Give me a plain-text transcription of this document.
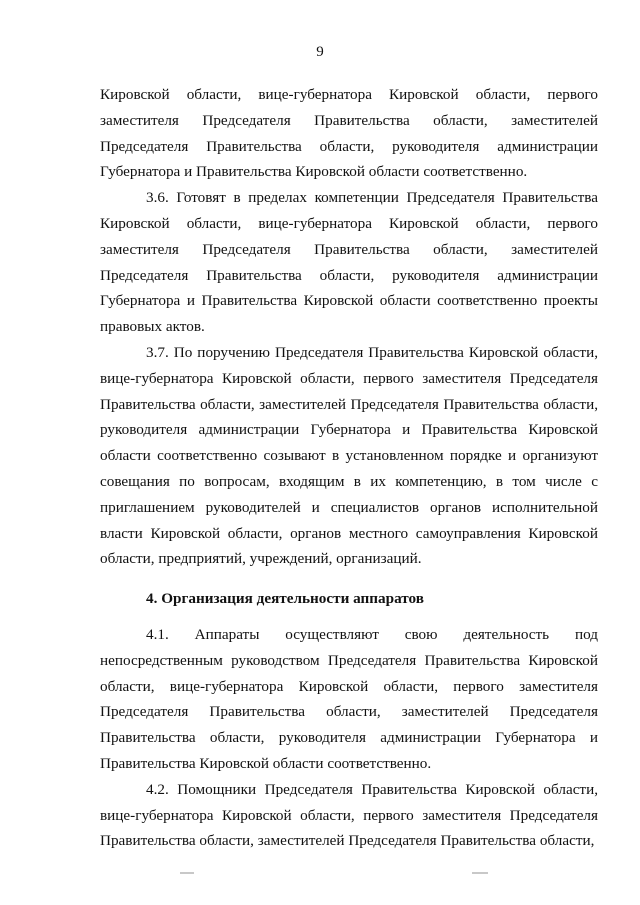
9

Кировской области, вице-губернатора Кировской области, первого заместителя Председателя Правительства области, заместителей Председателя Правительства области, руководителя администрации Губернатора и Правительства Кировской области соответственно.

3.6. Готовят в пределах компетенции Председателя Правительства Кировской области, вице-губернатора Кировской области, первого заместителя Председателя Правительства области, заместителей Председателя Правительства области, руководителя администрации Губернатора и Правительства Кировской области соответственно проекты правовых актов.

3.7. По поручению Председателя Правительства Кировской области, вице-губернатора Кировской области, первого заместителя Председателя Правительства области, заместителей Председателя Правительства области, руководителя администрации Губернатора и Правительства Кировской области соответственно созывают в установленном порядке и организуют совещания по вопросам, входящим в их компетенцию, в том числе с приглашением руководителей и специалистов органов исполнительной власти Кировской области, органов местного самоуправления Кировской области, предприятий, учреждений, организаций.

4. Организация деятельности аппаратов

4.1. Аппараты осуществляют свою деятельность под непосредственным руководством Председателя Правительства Кировской области, вице-губернатора Кировской области, первого заместителя Председателя Правительства области, заместителей Председателя Правительства области, руководителя администрации Губернатора и Правительства Кировской области соответственно.

4.2. Помощники Председателя Правительства Кировской области, вице-губернатора Кировской области, первого заместителя Председателя Правительства области, заместителей Председателя Правительства области,
